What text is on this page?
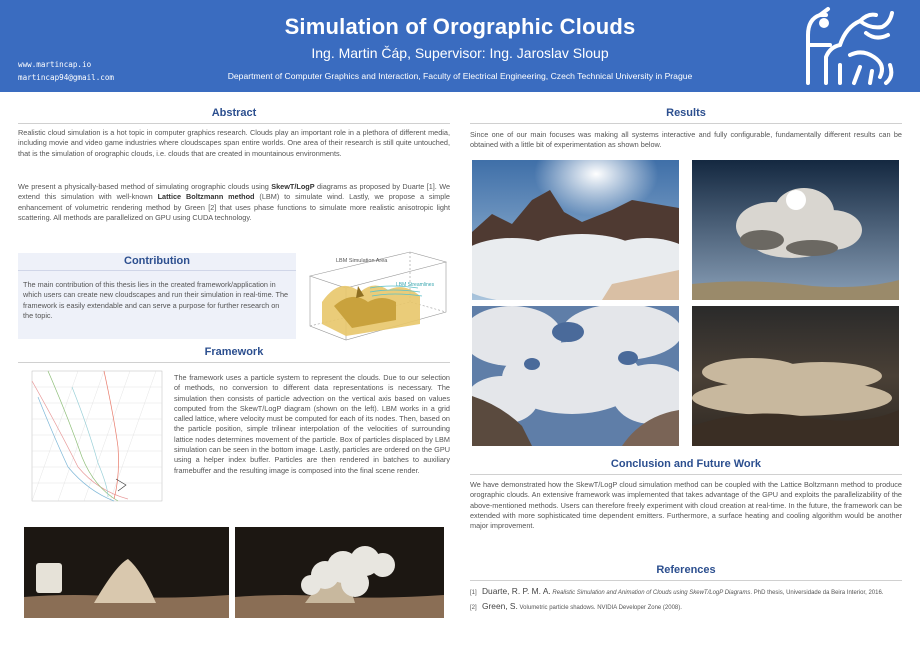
Simulation of Orographic Clouds
Ing. Martin Čáp, Supervisor: Ing. Jaroslav Sloup
Department of Computer Graphics and Interaction, Faculty of Electrical Engineering, Czech Technical University in Prague
www.martincap.io
martincap94@gmail.com
Abstract
Realistic cloud simulation is a hot topic in computer graphics research. Clouds play an important role in a plethora of different media, including movie and video game industries where cloudscapes span entire worlds. One area of their research is still quite untouched, that is the simulation of orographic clouds, i.e. clouds that are created in mountainous environments.
We present a physically-based method of simulating orographic clouds using SkewT/LogP diagrams as proposed by Duarte [1]. We extend this simulation with well-known Lattice Boltzmann method (LBM) to simulate wind. Lastly, we propose a simple enhancement of volumetric rendering method by Green [2] that uses phase functions to simulate more realistic anisotropic light scattering. All methods are parallelized on GPU using CUDA technology.
Contribution
The main contribution of this thesis lies in the created framework/application in which users can create new cloudscapes and run their simulation in real-time. The framework is easily extendable and can serve a purpose for further research on the topic.
LBM Simulation Area
LBM Streamlines
Framework
The framework uses a particle system to represent the clouds. Due to our selection of methods, no conversion to different data representations is necessary. The simulation then consists of particle advection on the vertical axis based on values computed from the SkewT/LogP diagram (shown on the left). LBM works in a grid called lattice, where velocity must be computed for each of its nodes. Then, based on the particle position, simple trilinear interpolation of the velocities of surrounding lattice nodes determines movement of the particle. Box of particles displaced by LBM simulation can be seen in the bottom image. Lastly, particles are ordered on the GPU using a helper index buffer. Particles are then rendered in batches to auxiliary framebuffer and the resulting image is composed into the final scene render.
Results
Since one of our main focuses was making all systems interactive and fully configurable, fundamentally different results can be obtained with a little bit of experimentation as shown below.
Conclusion and Future Work
We have demonstrated how the SkewT/LogP cloud simulation method can be coupled with the Lattice Boltzmann method to produce orographic clouds. An extensive framework was implemented that takes advantage of the GPU and exploits the parallelizability of the above-mentioned methods. Users can therefore freely experiment with cloud creation at real-time. In the future, the framework can be extended with more sophisticated time dependent emitters. Furthermore, a surface heating and cooling algorithm would be another major improvement.
References
[1] Duarte, R. P. M. A. Realistic Simulation and Animation of Clouds using SkewT/LogP Diagrams. PhD thesis, Universidade da Beira Interior, 2016.
[2] Green, S. Volumetric particle shadows. NVIDIA Developer Zone (2008).
